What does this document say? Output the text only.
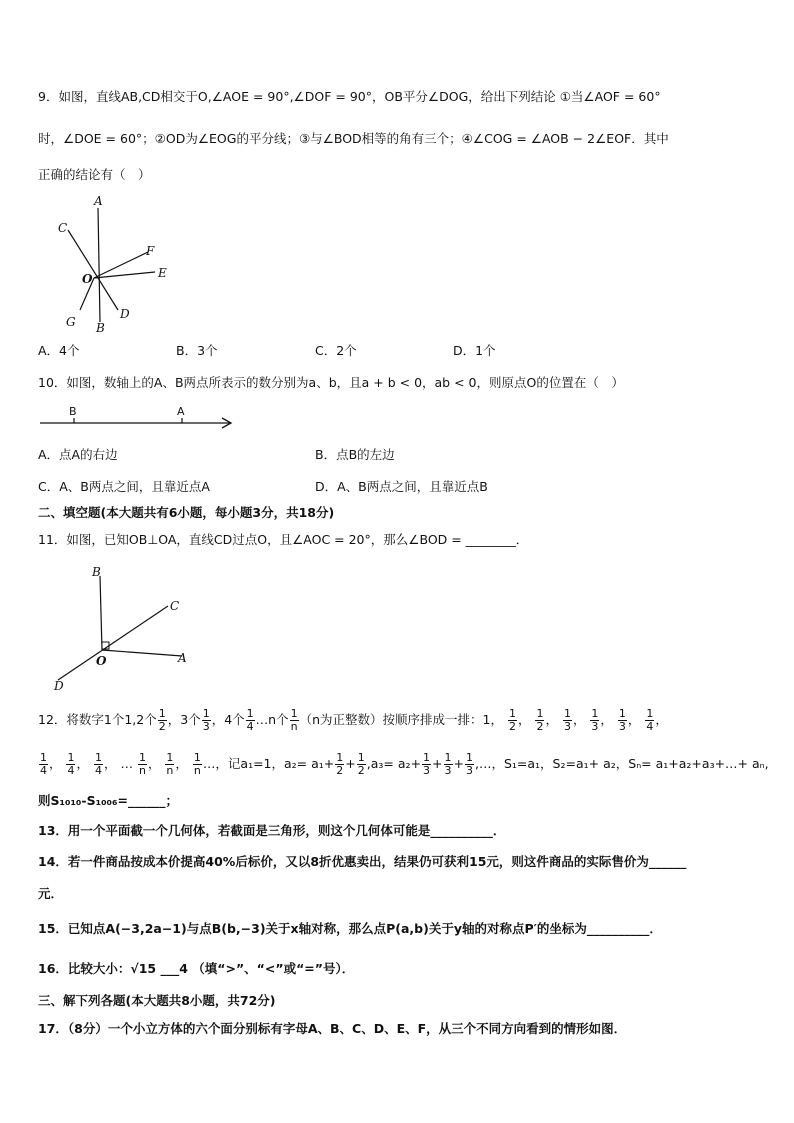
9．如图，直线AB,CD相交于O,∠AOE = 90°,∠DOF = 90°，OB平分∠DOG，给出下列结论 ①当∠AOF = 60°
时，∠DOE = 60°；②OD为∠EOG的平分线；③与∠BOD相等的角有三个；④∠COG = ∠AOB − 2∠EOF．其中
正确的结论有（　）
A
C
F
E
O
G
D
B
A．4个	B．3个	C．2个	D．1个
10．如图，数轴上的A、B两点所表示的数分别为a、b，且a + b < 0，ab < 0，则原点O的位置在（　）
B	A
A．点A的右边	B．点B的左边
C．A、B两点之间，且靠近点A	D．A、B两点之间，且靠近点B
二、填空题(本大题共有6小题，每小题3分，共18分)
11．如图，已知OB⊥OA，直线CD过点O，且∠AOC = 20°，那么∠BOD = ________．
B
C
O	A
D
12．将数字1个1,2个 $\frac{1}{2}$ ，3个 $\frac{1}{3}$ ，4个 $\frac{1}{4}$ …n个 $\frac{1}{n} (n$为正整数）按顺序排成一排：1， $\frac{1}{2}$ ， $\frac{1}{2}$ ， $\frac{1}{3}$ ， $\frac{1}{3}$ ， $\frac{1}{3}$ ， $\frac{1}{4}$ ，
$\frac{1}{4}$ ， $\frac{1}{4}$ ， $\frac{1}{4}$ ， … $\frac{1}{n}$ ， $\frac{1}{n}$ ， $\frac{1}{n}$ …，记a₁=1，$a_2= a_1+ \frac{1}{2} + \frac{1}{2} ,a_3= a_2+ \frac{1}{3} + \frac{1}{3} + \frac{1}{3}$ ,…，S₁=a₁，S₂=a₁+ a₂，Sₙ= a₁+a₂+a₃+…+ aₙ,
则S₁₀₁₀-S₁₀₀₆=______；
13．用一个平面截一个几何体，若截面是三角形，则这个几何体可能是__________．
14．若一件商品按成本价提高40%后标价，又以8折优惠卖出，结果仍可获利15元，则这件商品的实际售价为______
元．
15．已知点A(−3,2a−1)与点B(b,−3)关于x轴对称，那么点P(a,b)关于y轴的对称点P′的坐标为__________．
16．比较大小：√15 ___4 （填“>”、“<”或“=”号）．
三、解下列各题(本大题共8小题，共72分)
17．（8分）一个小立方体的六个面分别标有字母A、B、C、D、E、F，从三个不同方向看到的情形如图．
